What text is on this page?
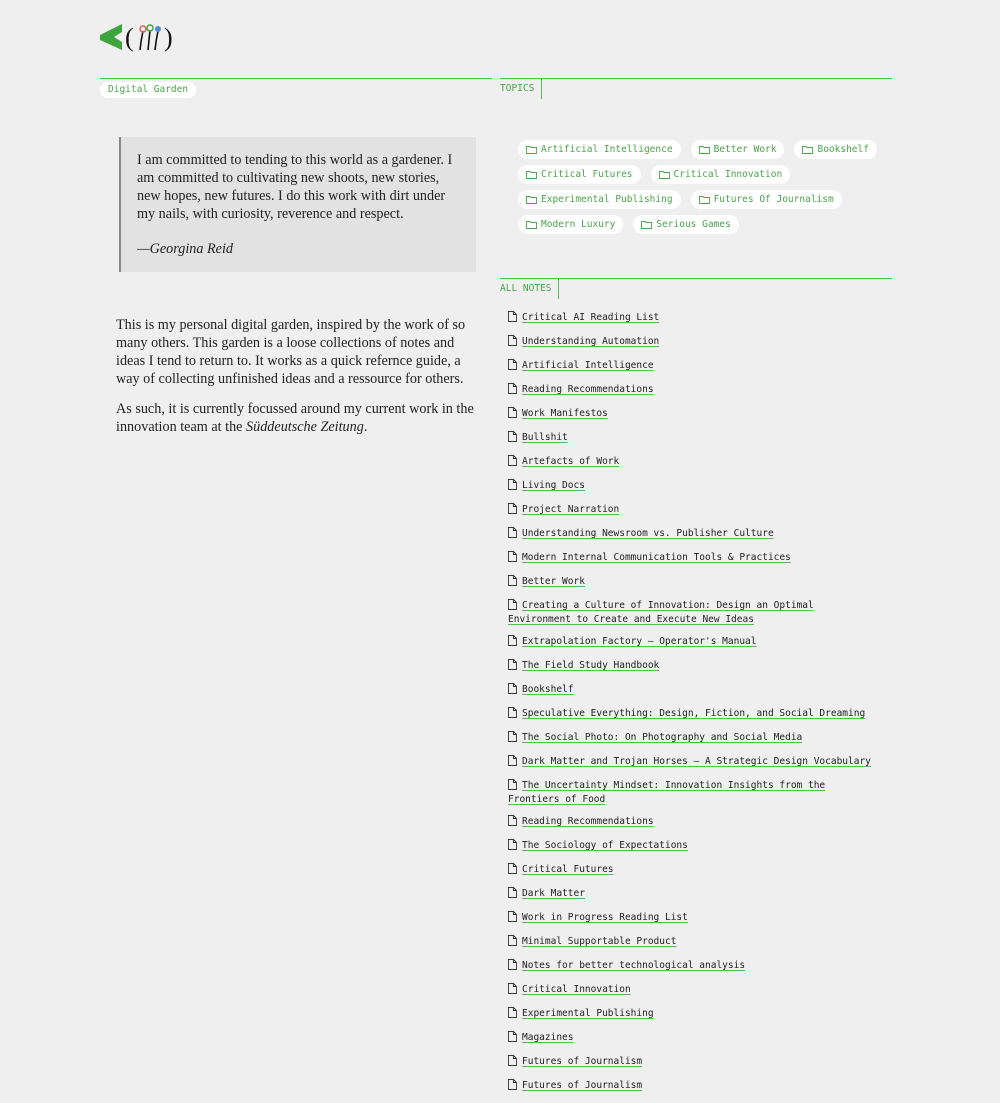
( )
Digital Garden	TOPICS
ALL NOTES

I am committed to tending to this world as a gardener. I am committed to cultivating new shoots, new stories, new hopes, new futures. I do this work with dirt under my nails, with curiosity, reverence and respect.

—Georgina Reid

This is my personal digital garden, inspired by the work of so many others. This garden is a loose collections of notes and ideas I tend to return to. It works as a quick refernce guide, a way of collecting unfinished ideas and a ressource for others.

As such, it is currently focussed around my current work in the innovation team at the Süddeutsche Zeitung.

Artificial Intelligence	Better Work	Bookshelf
Critical Futures	Critical Innovation
Experimental Publishing	Futures Of Journalism
Modern Luxury	Serious Games
Critical AI Reading List
Understanding Automation
Artificial Intelligence
Reading Recommendations
Work Manifestos
Bullshit
Artefacts of Work
Living Docs
Project Narration
Understanding Newsroom vs. Publisher Culture
Modern Internal Communication Tools & Practices
Better Work
Creating a Culture of Innovation: Design an Optimal Environment to Create and Execute New Ideas
Extrapolation Factory – Operator's Manual
The Field Study Handbook
Bookshelf
Speculative Everything: Design, Fiction, and Social Dreaming
The Social Photo: On Photography and Social Media
Dark Matter and Trojan Horses – A Strategic Design Vocabulary
The Uncertainty Mindset: Innovation Insights from the Frontiers of Food
Reading Recommendations
The Sociology of Expectations
Critical Futures
Dark Matter
Work in Progress Reading List
Minimal Supportable Product
Notes for better technological analysis
Critical Innovation
Experimental Publishing
Magazines
Futures of Journalism
Futures of Journalism
